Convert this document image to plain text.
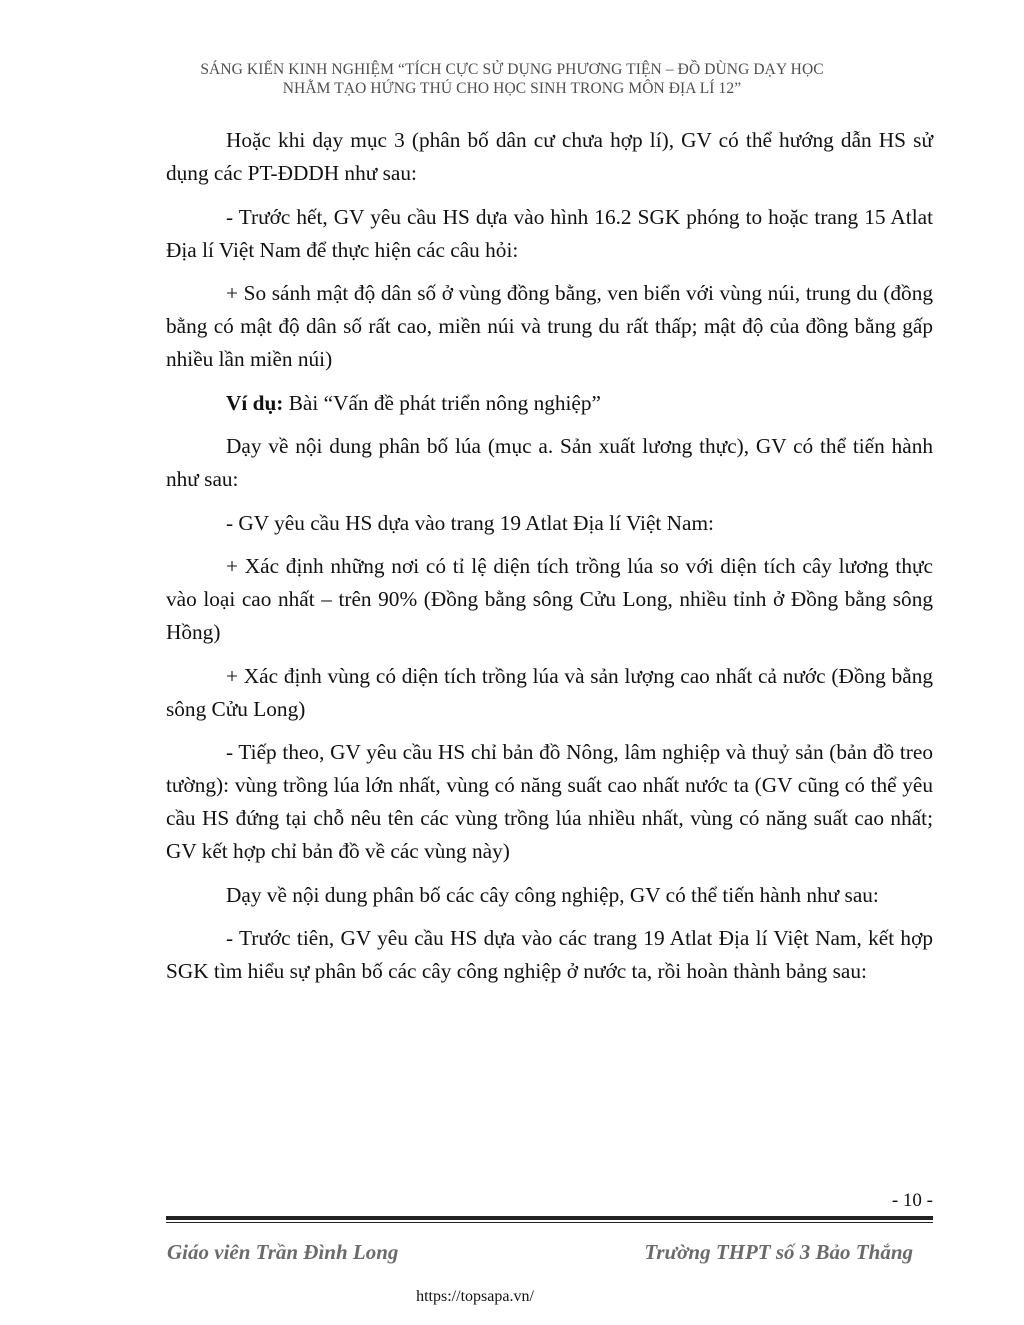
SÁNG KIẾN KINH NGHIỆM “TÍCH CỰC SỬ DỤNG PHƯƠNG TIỆN – ĐỒ DÙNG DẠY HỌC
NHẰM TẠO HỨNG THÚ CHO HỌC SINH TRONG MÔN ĐỊA LÍ 12”

Hoặc khi dạy mục 3 (phân bố dân cư chưa hợp lí), GV có thể hướng dẫn HS sử dụng các PT-ĐDDH như sau:

- Trước hết, GV yêu cầu HS dựa vào hình 16.2 SGK phóng to hoặc trang 15 Atlat Địa lí Việt Nam để thực hiện các câu hỏi:

+ So sánh mật độ dân số ở vùng đồng bằng, ven biển với vùng núi, trung du (đồng bằng có mật độ dân số rất cao, miền núi và trung du rất thấp; mật độ của đồng bằng gấp nhiều lần miền núi)

Ví dụ: Bài “Vấn đề phát triển nông nghiệp”

Dạy về nội dung phân bố lúa (mục a. Sản xuất lương thực), GV có thể tiến hành như sau:

- GV yêu cầu HS dựa vào trang 19 Atlat Địa lí Việt Nam:

+ Xác định những nơi có tỉ lệ diện tích trồng lúa so với diện tích cây lương thực vào loại cao nhất – trên 90% (Đồng bằng sông Cửu Long, nhiều tỉnh ở Đồng bằng sông Hồng)

+ Xác định vùng có diện tích trồng lúa và sản lượng cao nhất cả nước (Đồng bằng sông Cửu Long)

- Tiếp theo, GV yêu cầu HS chỉ bản đồ Nông, lâm nghiệp và thuỷ sản (bản đồ treo tường): vùng trồng lúa lớn nhất, vùng có năng suất cao nhất nước ta (GV cũng có thể yêu cầu HS đứng tại chỗ nêu tên các vùng trồng lúa nhiều nhất, vùng có năng suất cao nhất; GV kết hợp chỉ bản đồ về các vùng này)

Dạy về nội dung phân bố các cây công nghiệp, GV có thể tiến hành như sau:

- Trước tiên, GV yêu cầu HS dựa vào các trang 19 Atlat Địa lí Việt Nam, kết hợp SGK tìm hiểu sự phân bố các cây công nghiệp ở nước ta, rồi hoàn thành bảng sau:

- 10 -
Giáo viên Trần Đình Long	Trường THPT số 3 Bảo Thắng
https://topsapa.vn/
